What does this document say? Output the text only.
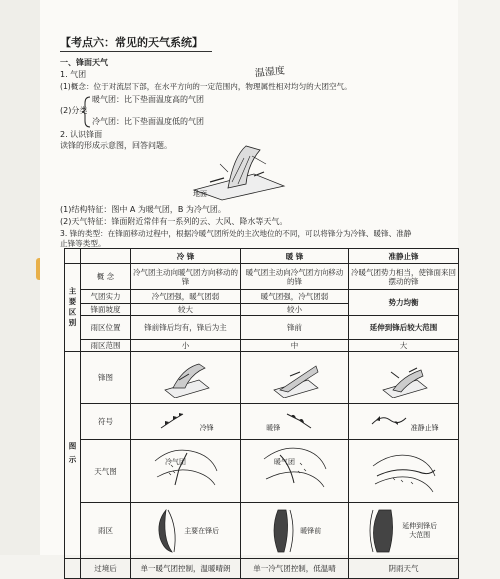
【考点六：常见的天气系统】
一、锋面天气
1. 气团
(1)概念：位于对流层下部，在水平方向的一定范围内，物理属性相对均匀的大团空气。
温湿度
(2)分类
暖气团：比下垫面温度高的气团
冷气团：比下垫面温度低的气团
2. 认识锋面
读锋的形成示意图，回答问题。
地面
(1)结构特征：图中 A 为暖气团，B 为冷气团。
(2)天气特征：锋面附近常伴有一系列的云、大风、降水等天气。
3. 锋的类型：在锋面移动过程中，根据冷暖气团所处的主次地位的不同，可以将锋分为冷锋、暖锋、准静
止锋等类型。
		冷 锋	暖 锋	准静止锋
主要区别	概 念	冷气团主动向暖气团方向移动的锋	暖气团主动向冷气团方向移动的锋	冷暖气团势力相当，使锋面来回摆动的锋
	气团实力	冷气团强，暖气团弱	暖气团强，冷气团弱	势力均衡
	锋面坡度	较大	较小	
	雨区位置	锋前锋后均有，锋后为主	锋前	延伸到锋后较大范围
	雨区范围	小	中	大
图示	锋图	

	符号	冷锋	暖锋	准静止锋
	天气图	冷气团	暖气团	

	雨区	主要在锋后	暖锋前	延伸到锋后大范围
	过境后	单一暖气团控制，温暖晴朗	单一冷气团控制，低温晴	阴雨天气
